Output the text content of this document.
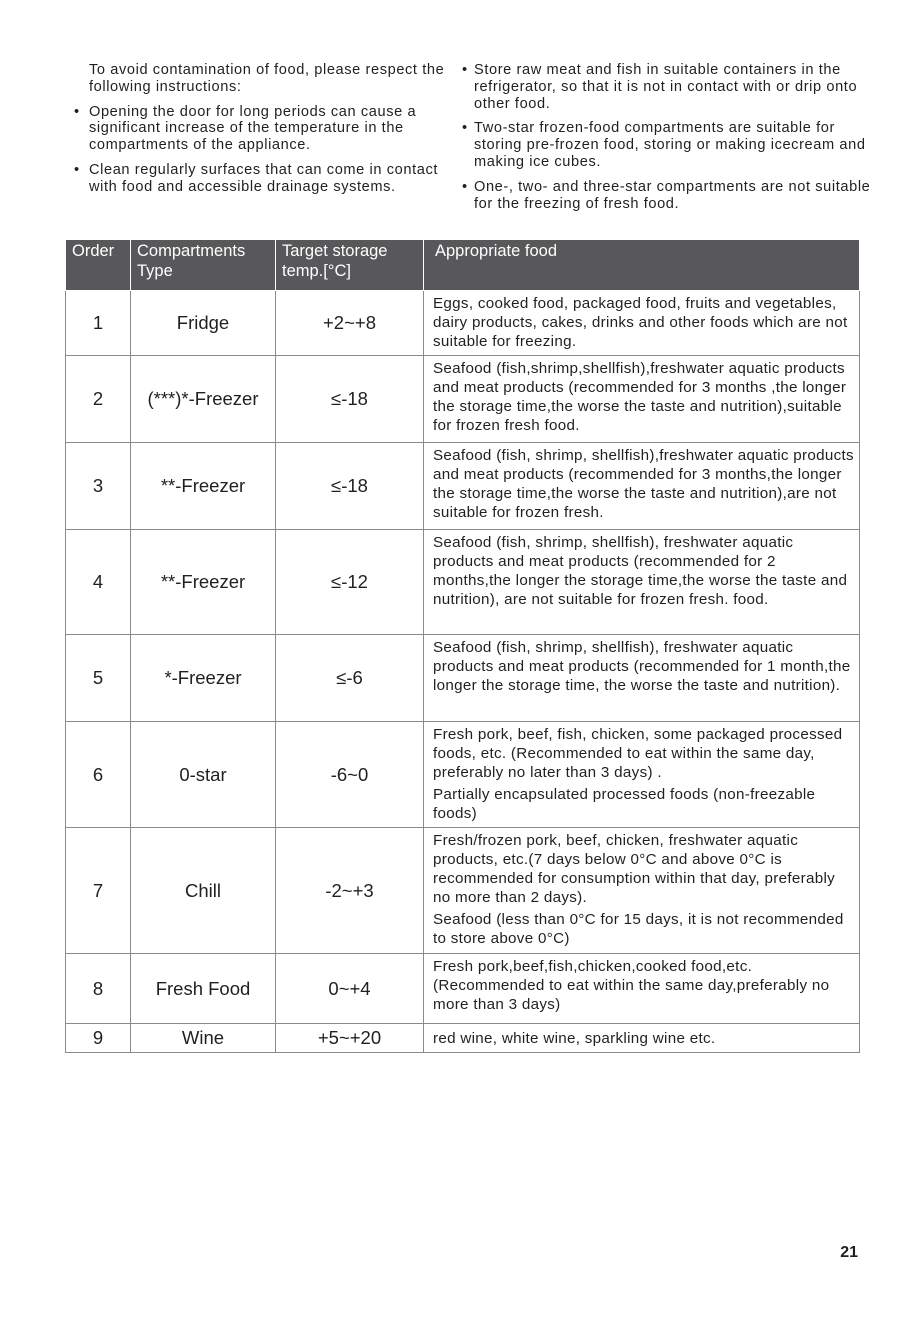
To avoid contamination of food, please respect the following instructions:

• Opening the door for long periods can cause a significant increase of the temperature in the compartments of the appliance.
• Clean regularly surfaces that can come in contact with food and accessible drainage systems.
• Store raw meat and fish in suitable containers in the refrigerator, so that it is not in contact with or drip onto other food.
• Two-star frozen-food compartments are suitable for storing pre-frozen food, storing or making icecream and making ice cubes.
• One-, two- and three-star compartments are not suitable for the freezing of fresh food.
Order	Compartments Type	Target storage temp.[°C]	Appropriate food
1	Fridge	+2~+8	Eggs, cooked food, packaged food, fruits and vegetables, dairy products, cakes, drinks and other foods which are not suitable for freezing.

2	(***)*-Freezer	≤-18	Seafood (fish,shrimp,shellfish),freshwater aquatic products and meat products (recommended for 3 months ,the longer the storage time,the worse the taste and nutrition),suitable for frozen fresh food.

3	**-Freezer	≤-18	Seafood (fish, shrimp, shellfish),freshwater aquatic products and meat products (recommended for 3 months,the longer the storage time,the worse the taste and nutrition),are not suitable for frozen fresh.

4	**-Freezer	≤-12	Seafood (fish, shrimp, shellfish), freshwater aquatic products and meat products (recommended for 2 months,the longer the storage time,the worse the taste and nutrition), are not suitable for frozen fresh. food.

5	*-Freezer	≤-6	Seafood (fish, shrimp, shellfish), freshwater aquatic products and meat products (recommended for 1 month,the longer the storage time, the worse the taste and nutrition).

6	0-star	-6~0	Fresh pork, beef, fish, chicken, some packaged processed foods, etc. (Recommended to eat within the same day, preferably no later than 3 days) .
Partially encapsulated processed foods (non-freezable foods)

7	Chill	-2~+3	Fresh/frozen pork, beef, chicken, freshwater aquatic products, etc.(7 days below 0°C and above 0°C is recommended for consumption within that day, preferably no more than 2 days).
Seafood (less than 0°C for 15 days, it is not recommended to store above 0°C)

8	Fresh Food	0~+4	Fresh pork,beef,fish,chicken,cooked food,etc. (Recommended to eat within the same day,preferably no more than 3 days)

9	Wine	+5~+20	red wine, white wine, sparkling wine etc.
21
